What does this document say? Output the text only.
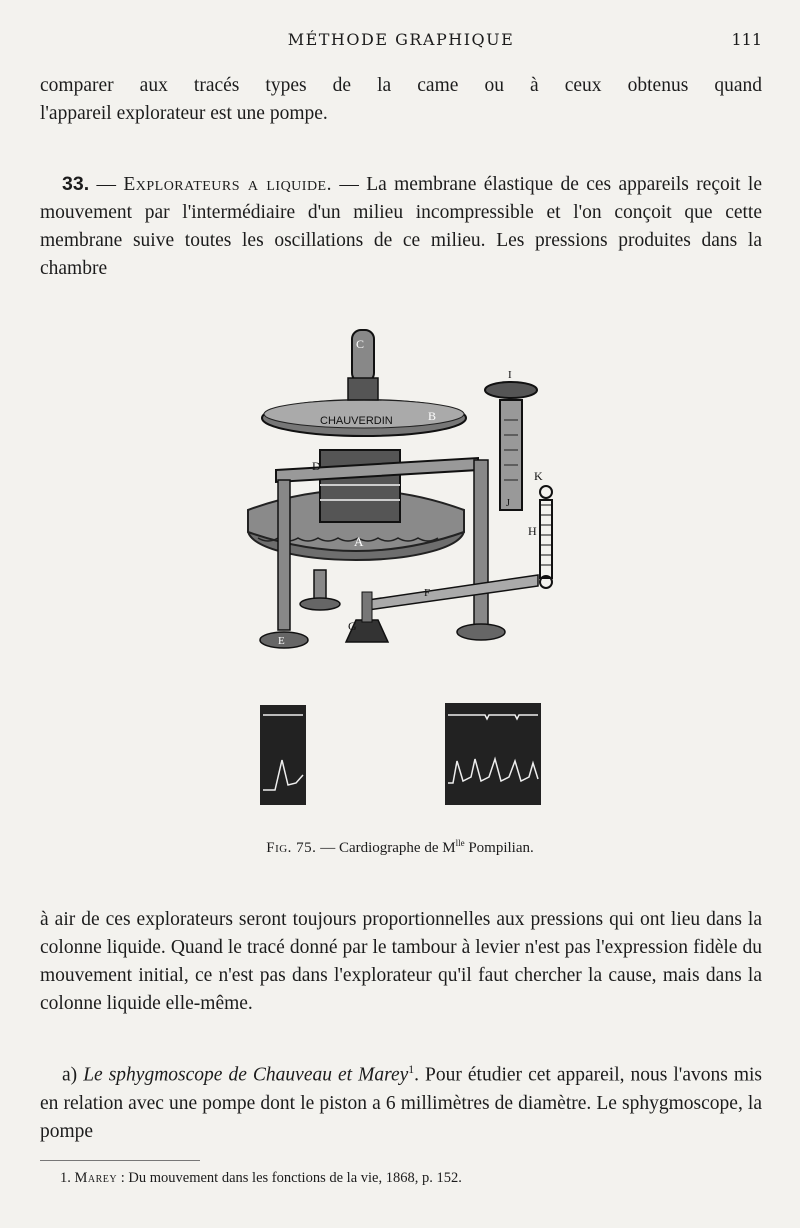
MÉTHODE GRAPHIQUE	111

comparer aux tracés types de la came ou à ceux obtenus quand

l'appareil explorateur est une pompe.

33. — Explorateurs a liquide. — La membrane élastique de ces appareils reçoit le mouvement par l'intermédiaire d'un milieu incompressible et l'on conçoit que cette membrane suive toutes les oscillations de ce milieu. Les pressions produites dans la chambre

CHAUVERDIN
C
B
D
A
E
F
G
H
I
J
K
Fig. 75. — Cardiographe de $M^{lle}$ Pompilian.

à air de ces explorateurs seront toujours proportionnelles aux pressions qui ont lieu dans la colonne liquide. Quand le tracé donné par le tambour à levier n'est pas l'expression fidèle du mouvement initial, ce n'est pas dans l'explorateur qu'il faut chercher la cause, mais dans la colonne liquide elle-même.

a) Le sphygmoscope de Chauveau et Marey$^1$. Pour étudier cet appareil, nous l'avons mis en relation avec une pompe dont le piston a 6 millimètres de diamètre. Le sphygmoscope, la pompe

1. Marey : Du mouvement dans les fonctions de la vie, 1868, p. 152.
